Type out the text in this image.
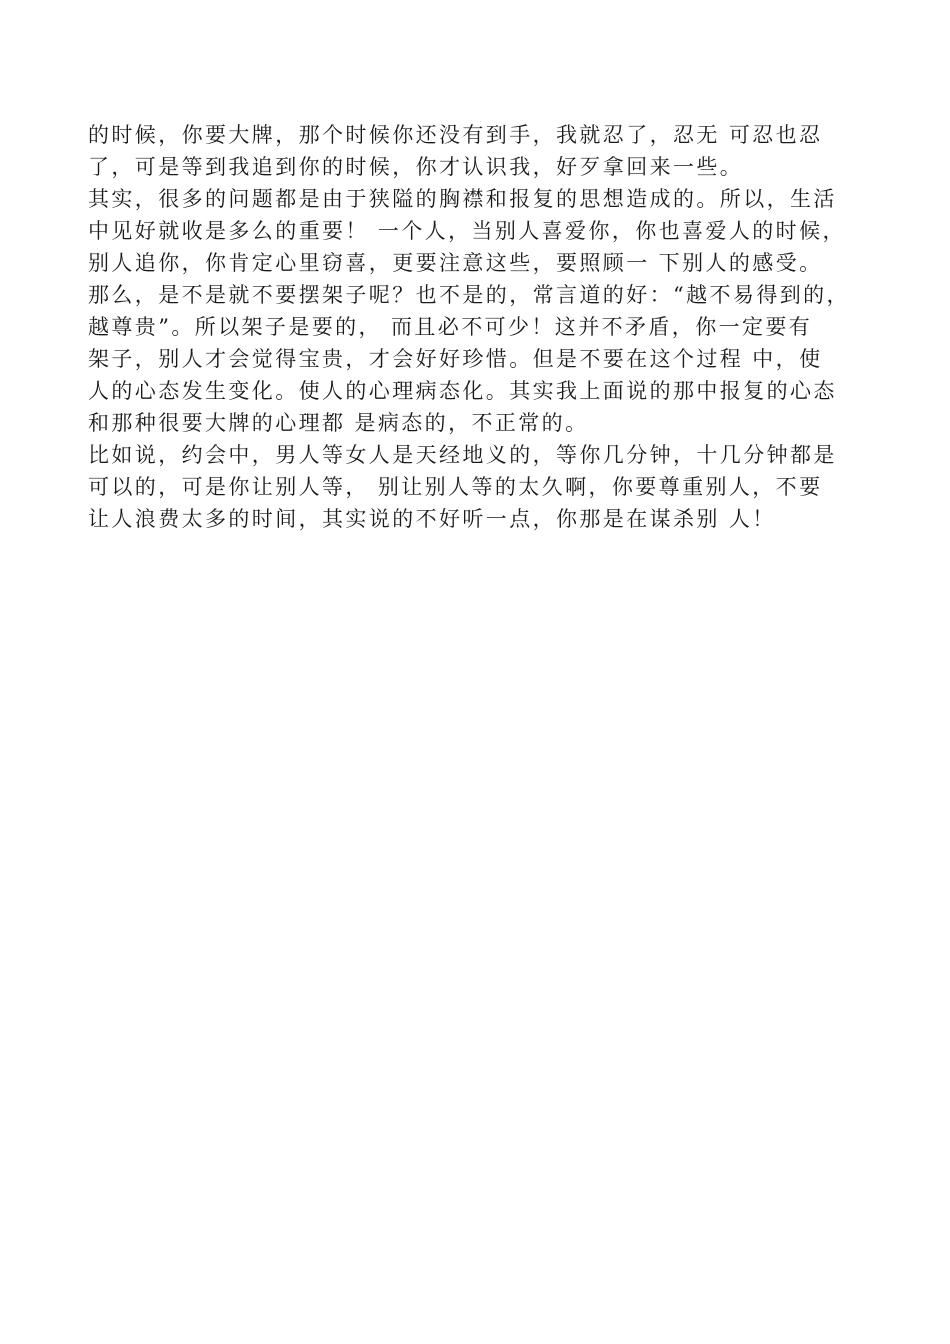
的时候，你要大牌，那个时候你还没有到手，我就忍了，忍无 可忍也忍
了，可是等到我追到你的时候，你才认识我，好歹拿回来一些。
其实，很多的问题都是由于狭隘的胸襟和报复的思想造成的。所以，生活
中见好就收是多么的重要！ 一个人，当别人喜爱你，你也喜爱人的时候，
别人追你，你肯定心里窃喜，更要注意这些，要照顾一 下别人的感受。
那么，是不是就不要摆架子呢？也不是的，常言道的好：“越不易得到的，
越尊贵”。所以架子是要的， 而且必不可少！这并不矛盾，你一定要有
架子，别人才会觉得宝贵，才会好好珍惜。但是不要在这个过程 中，使
人的心态发生变化。使人的心理病态化。其实我上面说的那中报复的心态
和那种很要大牌的心理都 是病态的，不正常的。
比如说，约会中，男人等女人是天经地义的，等你几分钟，十几分钟都是
可以的，可是你让别人等， 别让别人等的太久啊，你要尊重别人，不要
让人浪费太多的时间，其实说的不好听一点，你那是在谋杀别 人！
